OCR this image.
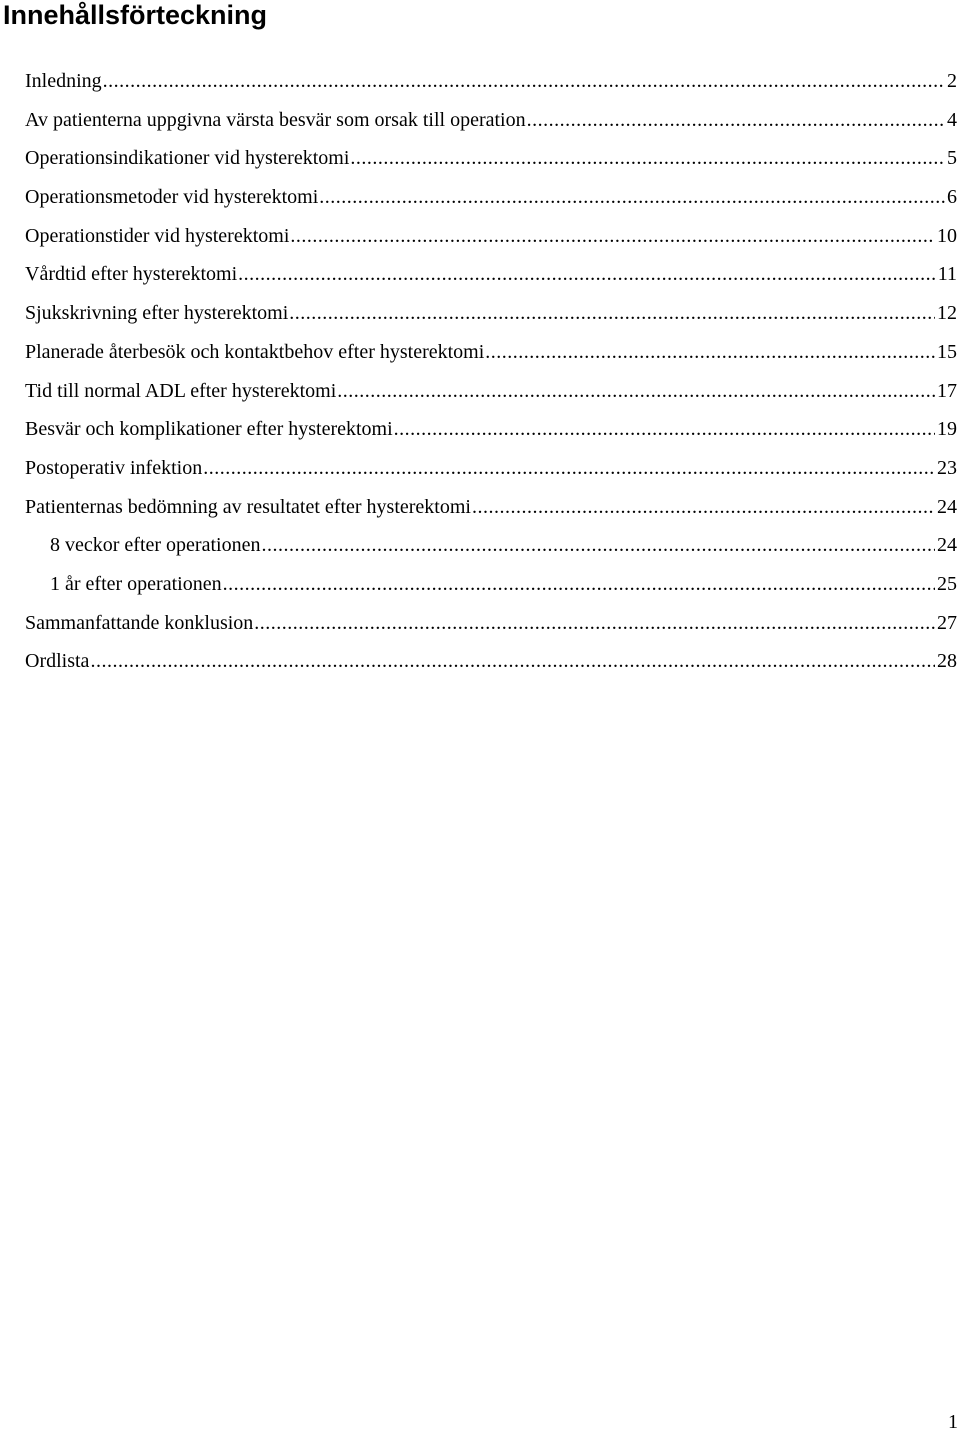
Innehållsförteckning
Inledning .....	2
Av patienterna uppgivna värsta besvär som orsak till operation .....	4
Operationsindikationer vid hysterektomi .....	5
Operationsmetoder vid hysterektomi .....	6
Operationstider vid hysterektomi .....	10
Vårdtid efter hysterektomi .....	11
Sjukskrivning efter hysterektomi .....	12
Planerade återbesök och kontaktbehov efter hysterektomi .....	15
Tid till normal ADL efter hysterektomi .....	17
Besvär och komplikationer efter hysterektomi .....	19
Postoperativ infektion .....	23
Patienternas bedömning av resultatet efter hysterektomi .....	24
8 veckor efter operationen .....	24
1 år efter operationen .....	25
Sammanfattande konklusion .....	27
Ordlista .....	28
1
